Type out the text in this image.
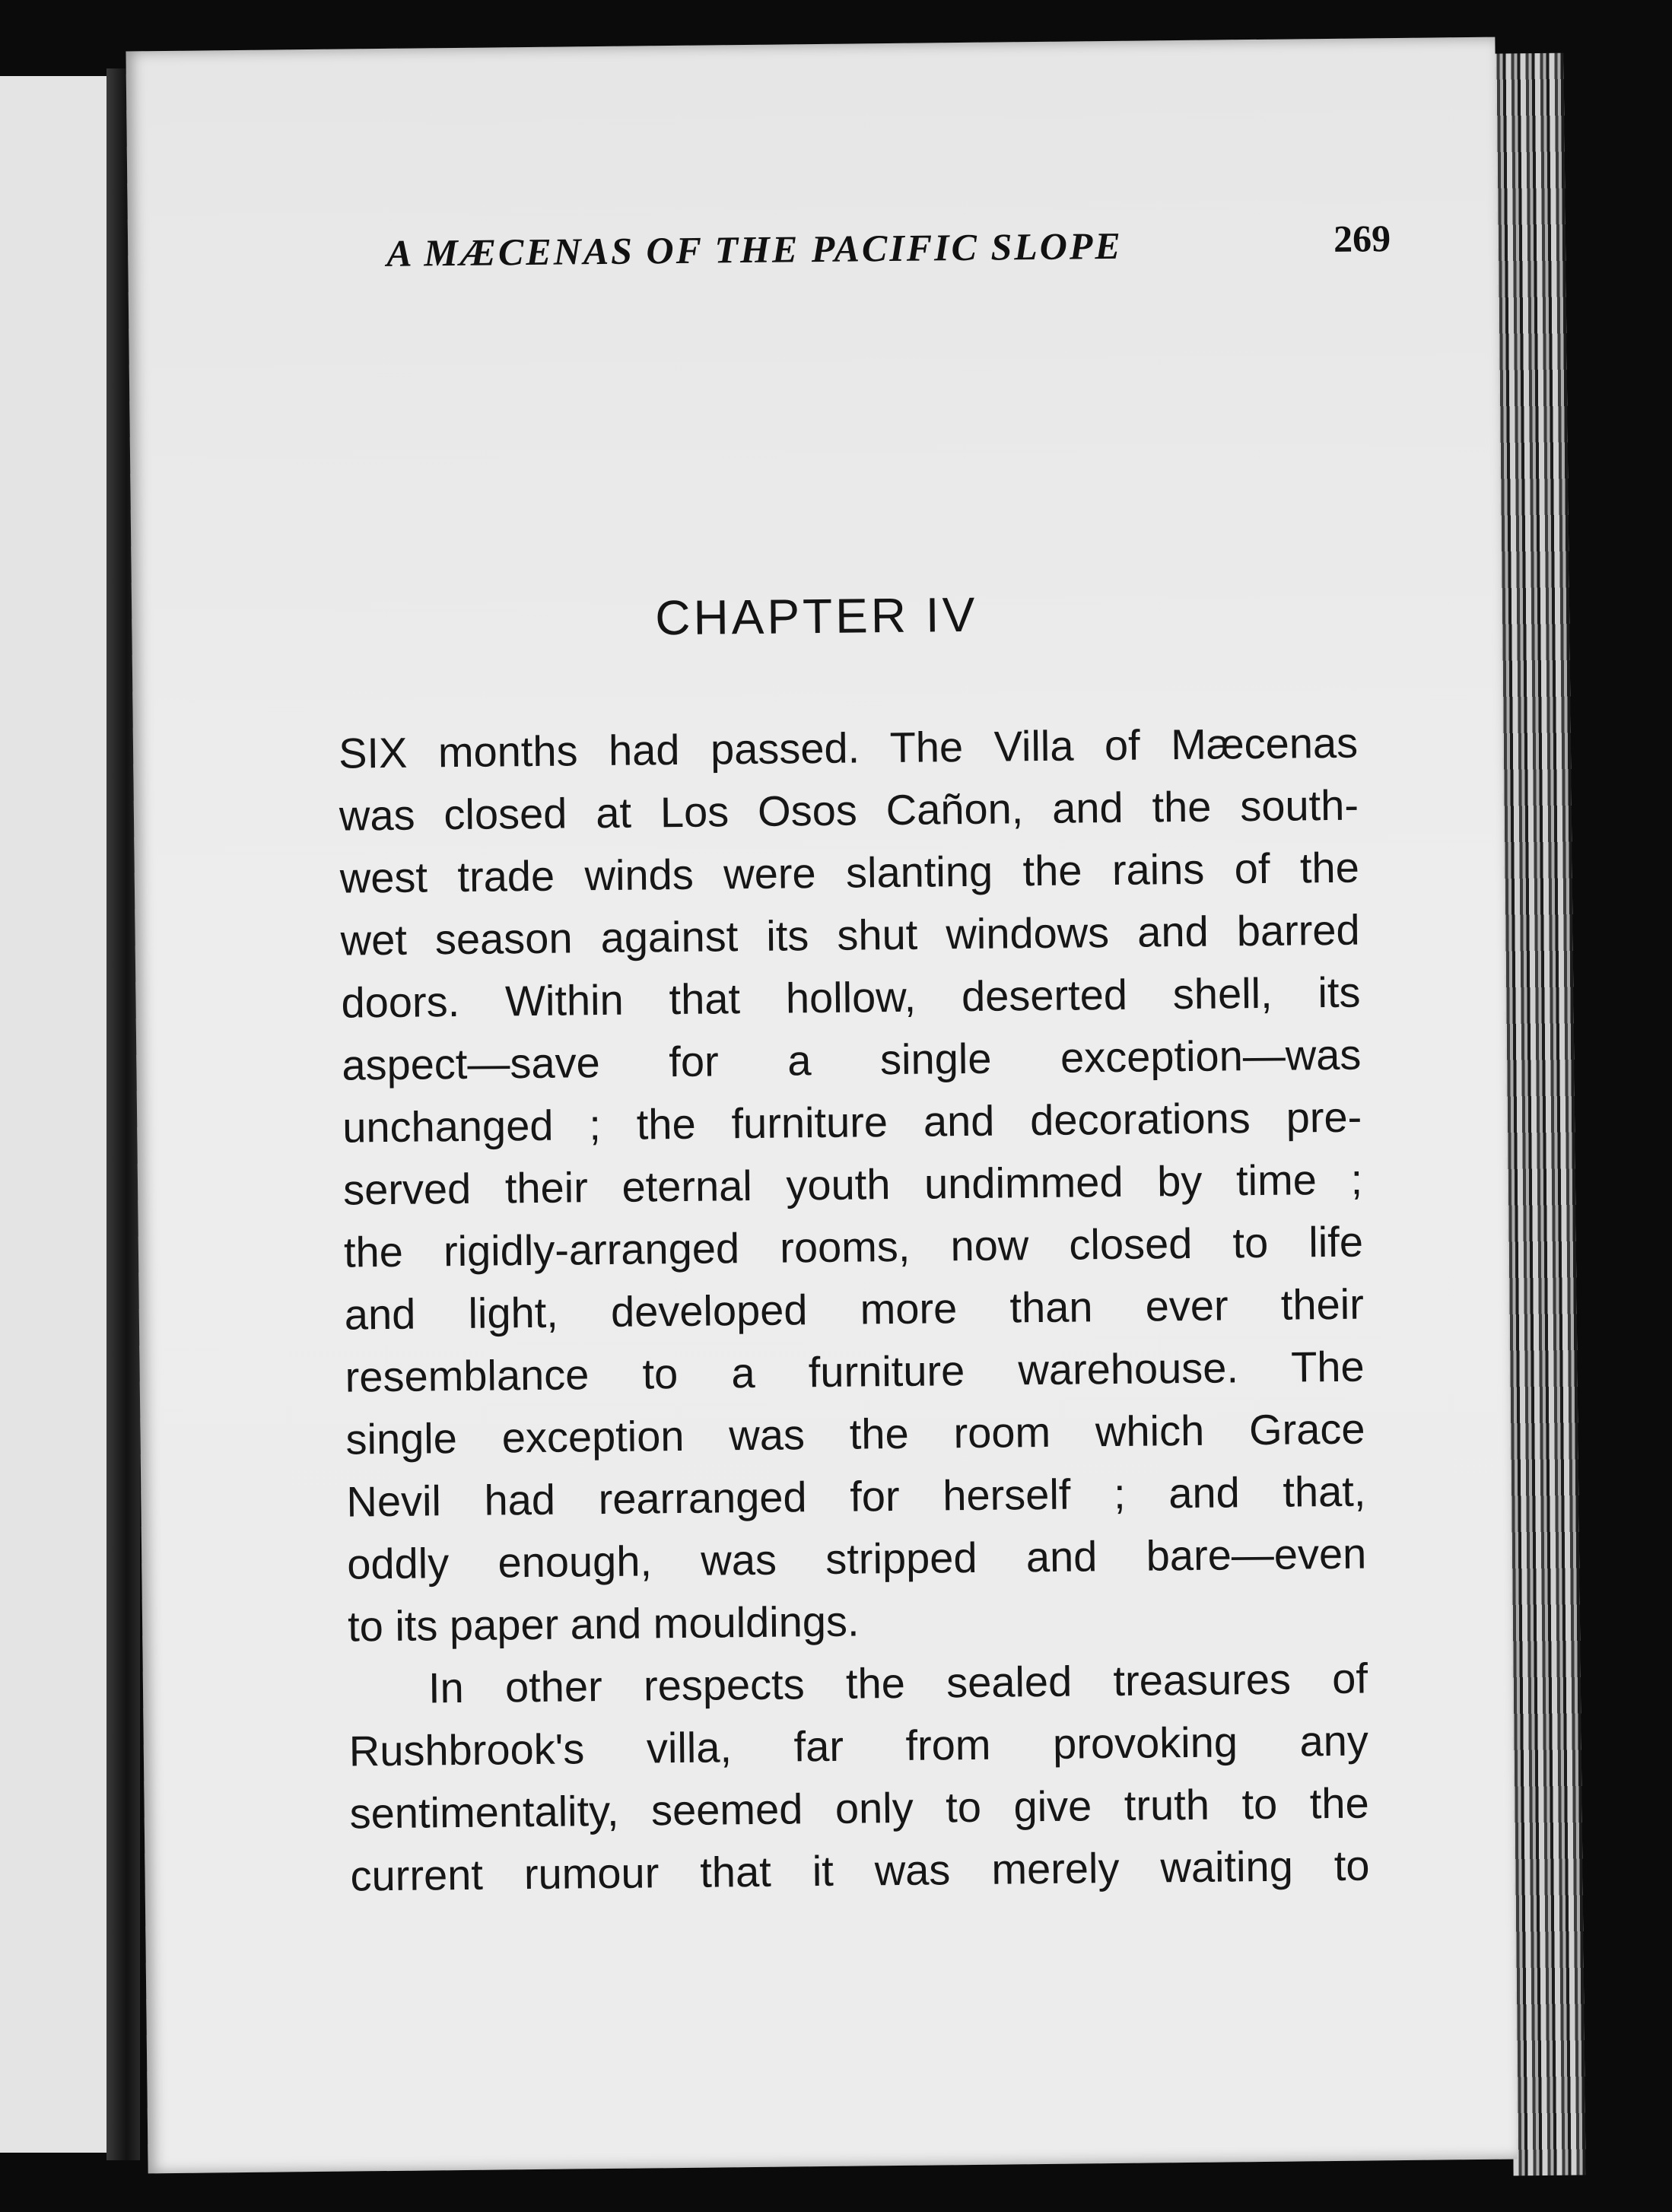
A MÆCENAS OF THE PACIFIC SLOPE	269
CHAPTER IV
SIX months had passed. The Villa of Mæcenas
was closed at Los Osos Cañon, and the south-
west trade winds were slanting the rains of the
wet season against its shut windows and barred
doors. Within that hollow, deserted shell, its
aspect—save for a single exception—was
unchanged ; the furniture and decorations pre-
served their eternal youth undimmed by time ;
the rigidly-arranged rooms, now closed to life
and light, developed more than ever their
resemblance to a furniture warehouse. The
single exception was the room which Grace
Nevil had rearranged for herself ; and that,
oddly enough, was stripped and bare—even
to its paper and mouldings.
In other respects the sealed treasures of
Rushbrook's villa, far from provoking any
sentimentality, seemed only to give truth to the
current rumour that it was merely waiting to
